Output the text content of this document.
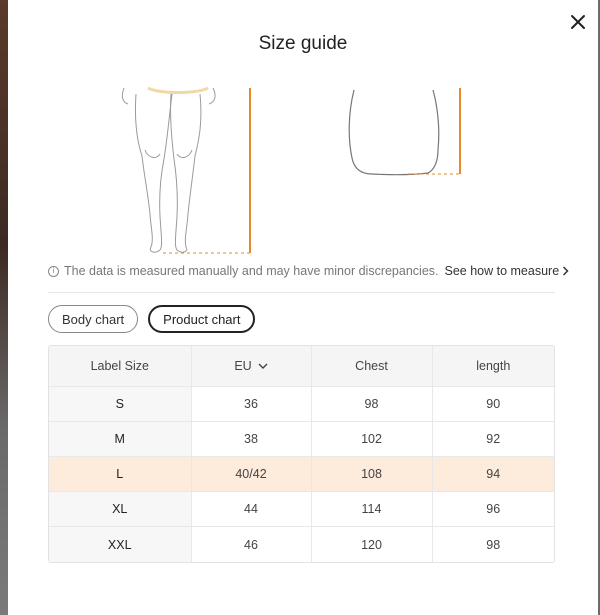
Size guide
i The data is measured manually and may have minor discrepancies. See how to measure
Body chart	Product chart
Label Size	EU	Chest	length
S	36	98	90
M	38	102	92
L	40/42	108	94
XL	44	114	96
XXL	46	120	98
